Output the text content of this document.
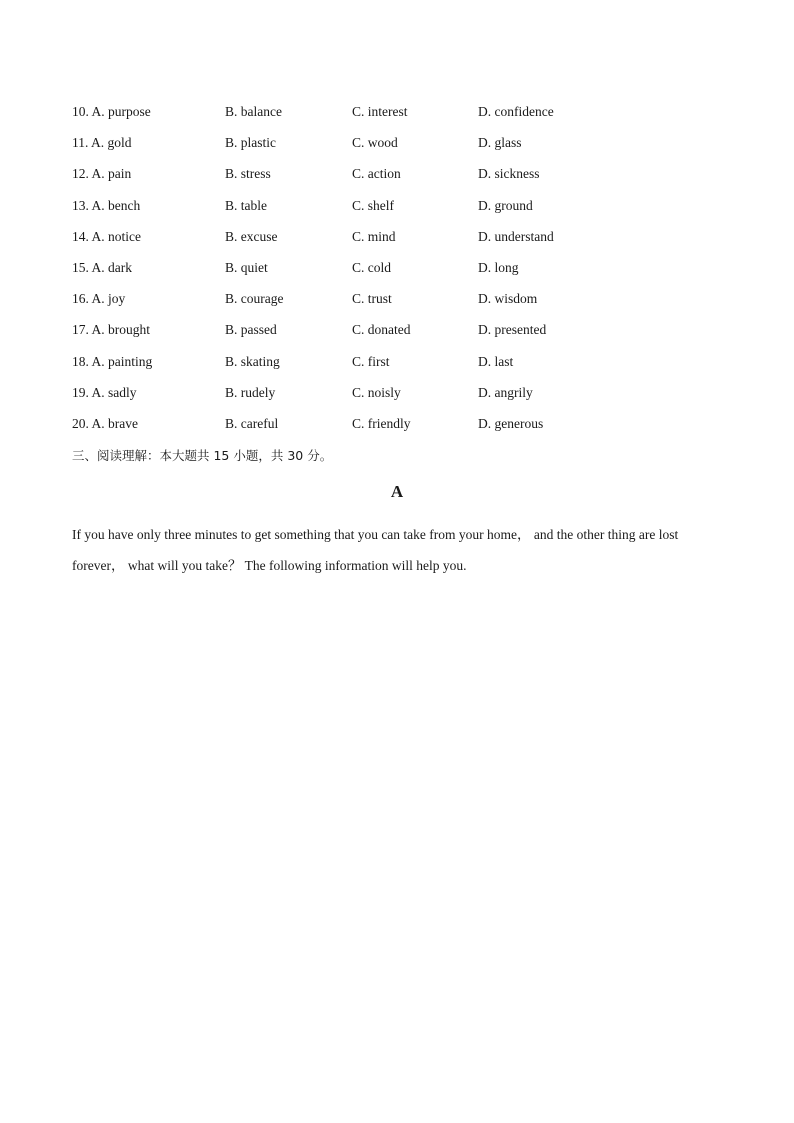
10. A. purpose	B. balance	C. interest	D. confidence
11. A. gold	B. plastic	C. wood	D. glass
12. A. pain	B. stress	C. action	D. sickness
13. A. bench	B. table	C. shelf	D. ground
14. A. notice	B. excuse	C. mind	D. understand
15. A. dark	B. quiet	C. cold	D. long
16. A. joy	B. courage	C. trust	D. wisdom
17. A. brought	B. passed	C. donated	D. presented
18. A. painting	B. skating	C. first	D. last
19. A. sadly	B. rudely	C. noisly	D. angrily
20. A. brave	B. careful	C. friendly	D. generous
三、阅读理解：本大题共 15 小题，共 30 分。
A
If you have only three minutes to get something that you can take from your home， and the other thing are lost
forever， what will you take？ The following information will help you.
